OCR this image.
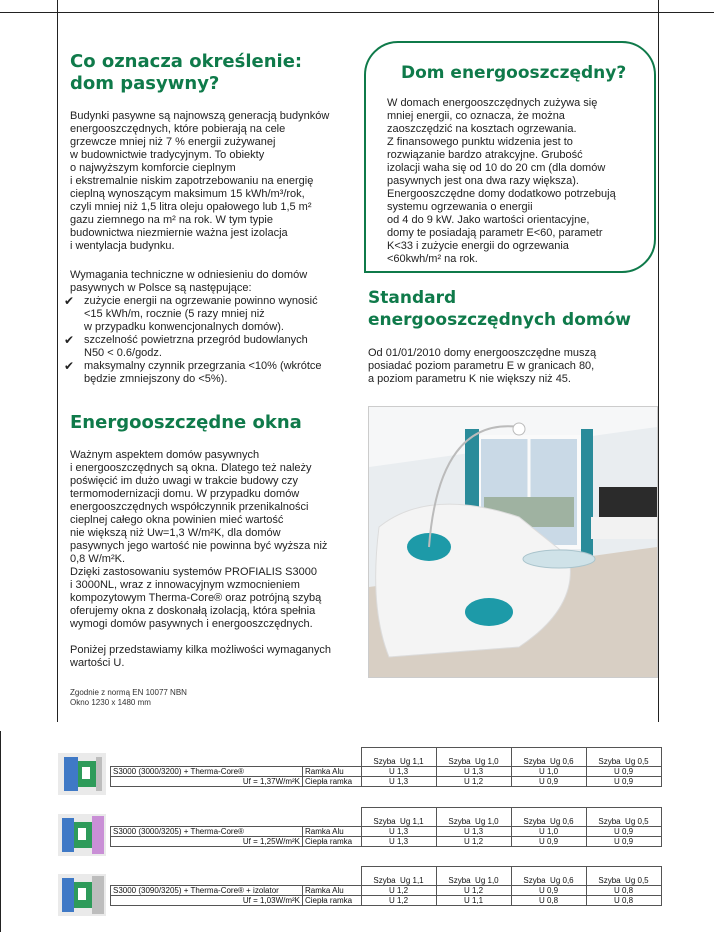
Co oznacza określenie:
dom pasywny?

Budynki pasywne są najnowszą generacją budynków

energooszczędnych, które pobierają na cele

grzewcze mniej niż 7 % energii zużywanej

w budownictwie tradycyjnym. To obiekty

o najwyższym komforcie cieplnym

i ekstremalnie niskim zapotrzebowaniu na energię

cieplną wynoszącym maksimum 15 kWh/m³/rok,

czyli mniej niż 1,5 litra oleju opałowego lub 1,5 m²

gazu ziemnego na m² na rok. W tym typie

budownictwa niezmiernie ważna jest izolacja

i wentylacja budynku.

Wymagania techniczne w odniesieniu do domów

pasywnych w Polsce są następujące:

✔ zużycie energii na ogrzewanie powinno wynosić
<15 kWh/m, rocznie (5 razy mniej niż
w przypadku konwencjonalnych domów).
✔ szczelność powietrzna przegród budowlanych
N50 < 0.6/godz.
✔ maksymalny czynnik przegrzania <10% (wkrótce
będzie zmniejszony do <5%).
Dom energooszczędny?

W domach energooszczędnych zużywa się

mniej energii, co oznacza, że można

zaoszczędzić na kosztach ogrzewania.

Z finansowego punktu widzenia jest to

rozwiązanie bardzo atrakcyjne. Grubość

izolacji waha się od 10 do 20 cm (dla domów

pasywnych jest ona dwa razy większa).

Energooszczędne domy dodatkowo potrzebują

systemu ogrzewania o energii

od 4 do 9 kW. Jako wartości orientacyjne,

domy te posiadają parametr E<60, parametr

K<33 i zużycie energii do ogrzewania

<60kwh/m² na rok.

Standard
energooszczędnych domów

Od 01/01/2010 domy energooszczędne muszą

posiadać poziom parametru E w granicach 80,

a poziom parametru K nie większy niż 45.

Energooszczędne okna

Ważnym aspektem domów pasywnych

i energooszczędnych są okna. Dlatego też należy

poświęcić im dużo uwagi w trakcie budowy czy

termomodernizacji domu. W przypadku domów

energooszczędnych współczynnik przenikalności

cieplnej całego okna powinien mieć wartość

nie większą niż Uw=1,3 W/m²K, dla domów

pasywnych jego wartość nie powinna być wyższa niż

0,8 W/m²K.

Dzięki zastosowaniu systemów PROFIALIS S3000

i 3000NL, wraz z innowacyjnym wzmocnieniem

kompozytowym Therma-Core® oraz potrójną szybą

oferujemy okna z doskonałą izolacją, która spełnia

wymogi domów pasywnych i energooszczędnych.

Poniżej przedstawiamy kilka możliwości wymaganych

wartości U.

Zgodnie z normą EN 10077 NBN

Okno 1230 x 1480 mm

		Szyba Ug 1,1	Szyba Ug 1,0	Szyba Ug 0,6	Szyba Ug 0,5
S3000 (3000/3200) + Therma-Core®	Ramka Alu	U 1,3	U 1,3	U 1,0	U 0,9
Uf = 1,37W/m²K	Ciepła ramka	U 1,3	U 1,2	U 0,9	U 0,9
		Szyba Ug 1,1	Szyba Ug 1,0	Szyba Ug 0,6	Szyba Ug 0,5
S3000 (3000/3205) + Therma-Core®	Ramka Alu	U 1,3	U 1,3	U 1,0	U 0,9
Uf = 1,25W/m²K	Ciepła ramka	U 1,3	U 1,2	U 0,9	U 0,9
		Szyba Ug 1,1	Szyba Ug 1,0	Szyba Ug 0,6	Szyba Ug 0,5
S3000 (3090/3205) + Therma-Core® + izolator	Ramka Alu	U 1,2	U 1,2	U 0,9	U 0,8
Uf = 1,03W/m²K	Ciepła ramka	U 1,2	U 1,1	U 0,8	U 0,8
